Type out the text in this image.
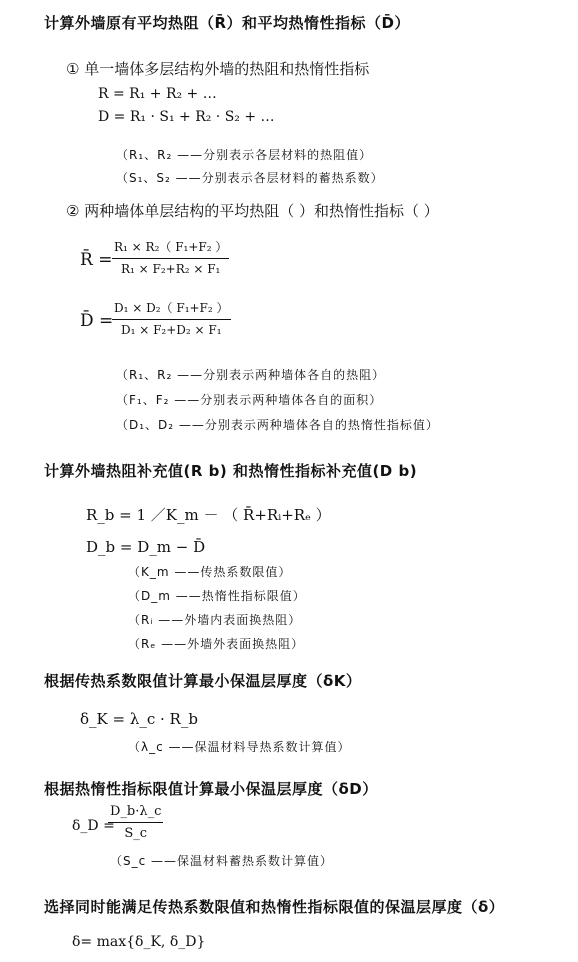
计算外墙原有平均热阻（R̄）和平均热惰性指标（D̄）
① 单一墙体多层结构外墙的热阻和热惰性指标
R = R₁ + R₂ + …
D = R₁ · S₁ + R₂ · S₂ + …
（R₁、R₂ ——分别表示各层材料的热阻值）
（S₁、S₂ ——分别表示各层材料的蓄热系数）
② 两种墙体单层结构的平均热阻（ ）和热惰性指标（ ）
R̄ =
R₁ × R₂（ F₁+F₂ ）
R₁ × F₂+R₂ × F₁
D̄ =
D₁ × D₂（ F₁+F₂ ）
D₁ × F₂+D₂ × F₁
（R₁、R₂ ——分别表示两种墙体各自的热阻）
（F₁、F₂ ——分别表示两种墙体各自的面积）
（D₁、D₂ ——分别表示两种墙体各自的热惰性指标值）
计算外墙热阻补充值(R b) 和热惰性指标补充值(D b)
R_b = 1 ／K_m － （ R̄+Rᵢ+Rₑ ）
D_b = D_m − D̄
（K_m ——传热系数限值）
（D_m ——热惰性指标限值）
（Rᵢ ——外墙内表面换热阻）
（Rₑ ——外墙外表面换热阻）
根据传热系数限值计算最小保温层厚度（δK）
δ_K = λ_c · R_b
（λ_c ——保温材料导热系数计算值）
根据热惰性指标限值计算最小保温层厚度（δD）
δ_D =
D_b·λ_c
S_c
（S_c ——保温材料蓄热系数计算值）
选择同时能满足传热系数限值和热惰性指标限值的保温层厚度（δ）
δ= max{δ_K, δ_D}
